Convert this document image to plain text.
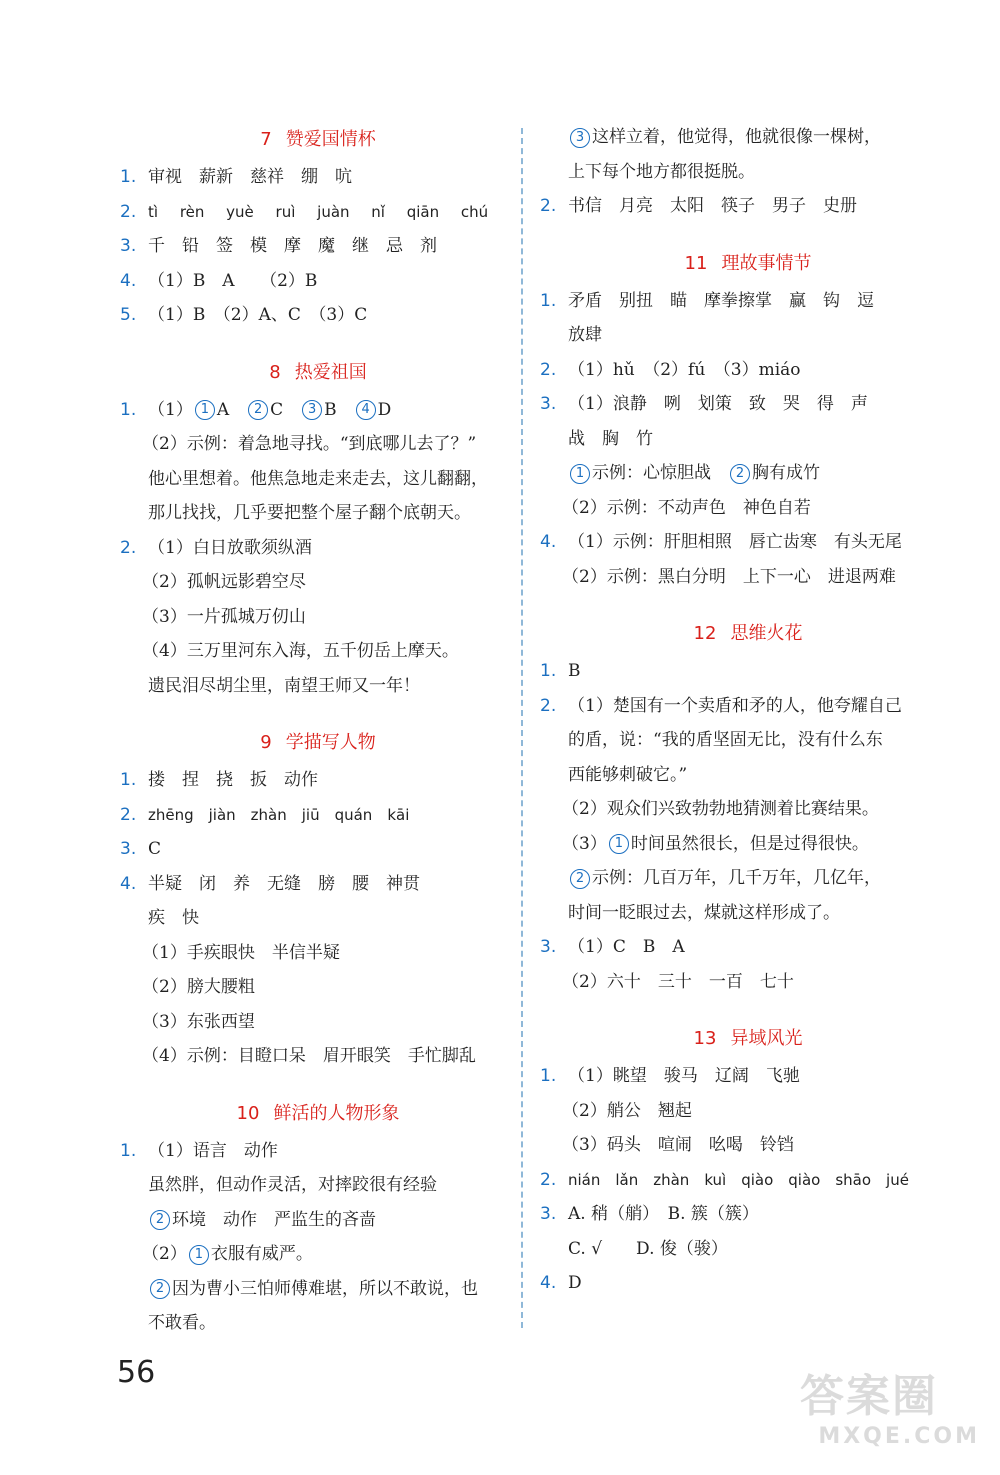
7 赞爱国情杯
1. 审视　薪新　慈祥　绷　吭
2. tì　 rèn　 yuè　 ruì　 juàn　 nǐ　 qiān　 chú
3. 千　铅　签　模　摩　魔　继　忌　剂
4. （1）B　A　　（2）B
5. （1）B　（2）A、C　（3）C
8 热爱祖国
1. （1） 1 A　2 C　3 B　4 D
（2）示例：着急地寻找。“到底哪儿去了？”
他心里想着。他焦急地走来走去，这儿翻翻，
那儿找找，几乎要把整个屋子翻个底朝天。
2. （1）白日放歌须纵酒
（2）孤帆远影碧空尽
（3）一片孤城万仞山
（4）三万里河东入海，五千仞岳上摩天。
遗民泪尽胡尘里，南望王师又一年！
9 学描写人物
1. 搂　捏　挠　扳　动作
2. zhēng　jiàn　zhàn　jiū　quán　kāi
3. C
4. 半疑　闭　养　无缝　膀　腰　神贯
疾　快
（1）手疾眼快　半信半疑
（2）膀大腰粗
（3）东张西望
（4）示例：目瞪口呆　眉开眼笑　手忙脚乱
10 鲜活的人物形象
1. （1）语言　动作
虽然胖，但动作灵活，对摔跤很有经验
2 环境　动作　严监生的吝啬
（2） 1 衣服有威严。
2 因为曹小三怕师傅难堪，所以不敢说，也
不敢看。
3 这样立着，他觉得，他就很像一棵树，
上下每个地方都很挺脱。
2. 书信　月亮　太阳　筷子　男子　史册
11 理故事情节
1. 矛盾　别扭　瞄　摩拳擦掌　赢　钩　逗
放肆
2. （1）hǔ　（2）fú　（3）miáo
3. （1）浪静　咧　划策　致　哭　得　声
战　胸　竹
1 示例：心惊胆战　2 胸有成竹
（2）示例：不动声色　神色自若
4. （1）示例：肝胆相照　唇亡齿寒　有头无尾
（2）示例：黑白分明　上下一心　进退两难
12 思维火花
1. B
2. （1）楚国有一个卖盾和矛的人，他夸耀自己
的盾，说：“我的盾坚固无比，没有什么东
西能够刺破它。”
（2）观众们兴致勃勃地猜测着比赛结果。
（3） 1 时间虽然很长，但是过得很快。
2 示例：几百万年，几千万年，几亿年，
时间一眨眼过去，煤就这样形成了。
3. （1）C　B　A
（2）六十　三十　一百　七十
13 异域风光
1. （1）眺望　骏马　辽阔　飞驰
（2）艄公　翘起
（3）码头　喧闹　吆喝　铃铛
2. nián　lǎn　zhàn　kuì　qiào　qiào　shāo　jué
3. A. 稍（艄）　B. 簇（簇）
C. √　　D. 俊（骏）
4. D
56	答案圈
MXQE.COM
